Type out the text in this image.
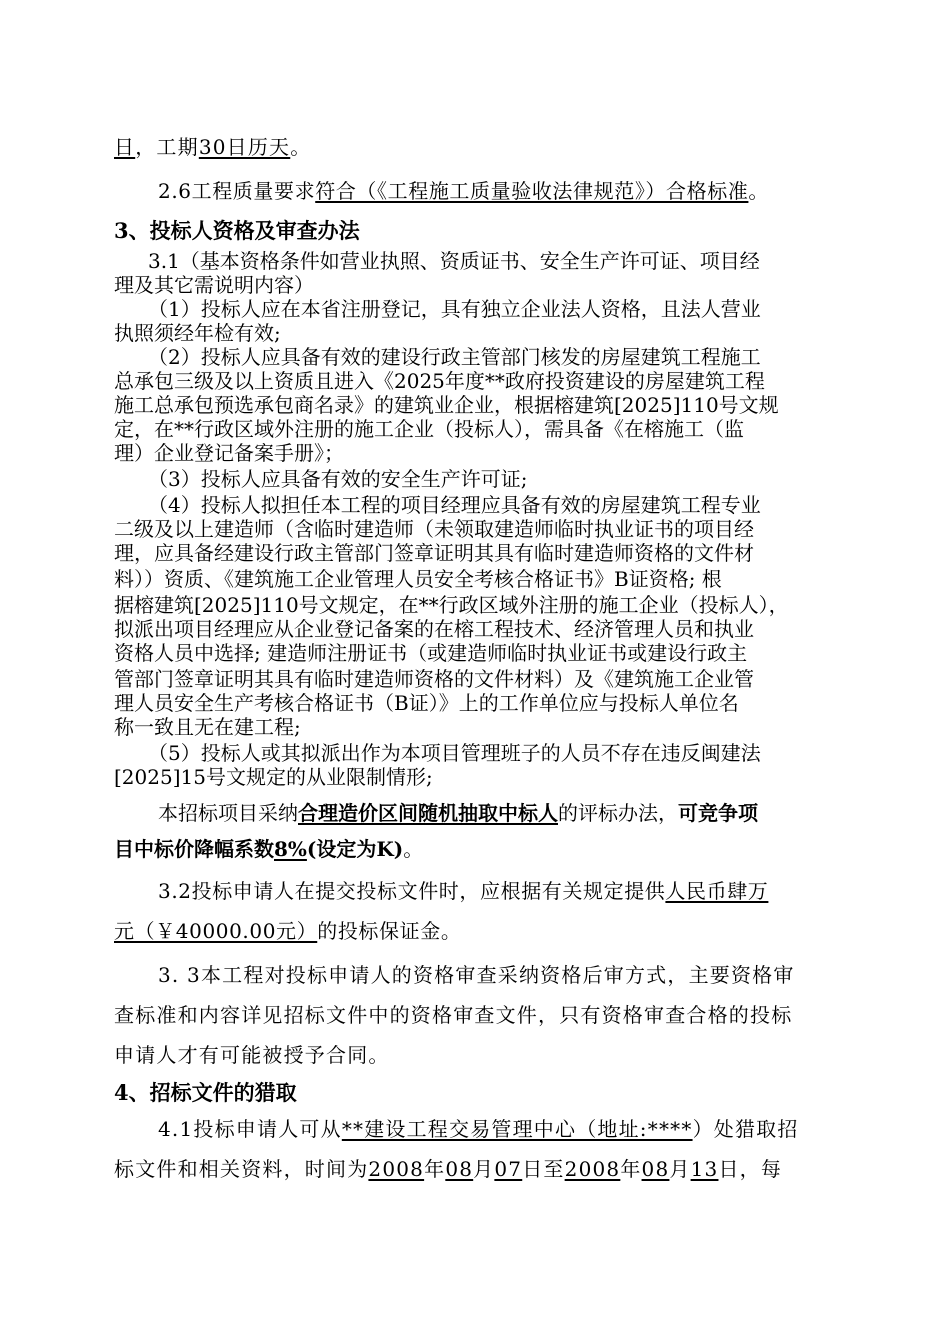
日，工期30日历天。
2.6工程质量要求符合（《工程施工质量验收法律规范》）合格标准。
3、投标人资格及审查办法
3.1（基本资格条件如营业执照、资质证书、安全生产许可证、项目经
理及其它需说明内容）
（1）投标人应在本省注册登记，具有独立企业法人资格，且法人营业
执照须经年检有效;
（2）投标人应具备有效的建设行政主管部门核发的房屋建筑工程施工
总承包三级及以上资质且进入《2025年度**政府投资建设的房屋建筑工程
施工总承包预选承包商名录》的建筑业企业，根据榕建筑[2025]110号文规
定，在**行政区域外注册的施工企业（投标人），需具备《在榕施工（监
理）企业登记备案手册》；
（3）投标人应具备有效的安全生产许可证;
（4）投标人拟担任本工程的项目经理应具备有效的房屋建筑工程专业
二级及以上建造师（含临时建造师（未领取建造师临时执业证书的项目经
理，应具备经建设行政主管部门签章证明其具有临时建造师资格的文件材
料））资质、《建筑施工企业管理人员安全考核合格证书》B证资格; 根
据榕建筑[2025]110号文规定，在**行政区域外注册的施工企业（投标人），
拟派出项目经理应从企业登记备案的在榕工程技术、经济管理人员和执业
资格人员中选择; 建造师注册证书（或建造师临时执业证书或建设行政主
管部门签章证明其具有临时建造师资格的文件材料）及《建筑施工企业管
理人员安全生产考核合格证书（B证）》上的工作单位应与投标人单位名
称一致且无在建工程;
（5）投标人或其拟派出作为本项目管理班子的人员不存在违反闽建法
[2025]15号文规定的从业限制情形;
本招标项目采纳合理造价区间随机抽取中标人的评标办法，可竞争项
目中标价降幅系数8%(设定为K)。
3.2投标申请人在提交投标文件时，应根据有关规定提供人民币肆万
元（￥40000.00元）的投标保证金。
3. 3本工程对投标申请人的资格审查采纳资格后审方式，主要资格审
查标准和内容详见招标文件中的资格审查文件，只有资格审查合格的投标
申请人才有可能被授予合同。
4、招标文件的猎取
4.1投标申请人可从**建设工程交易管理中心（地址:****）处猎取招
标文件和相关资料，时间为2008年08月07日至2008年08月13日，每
